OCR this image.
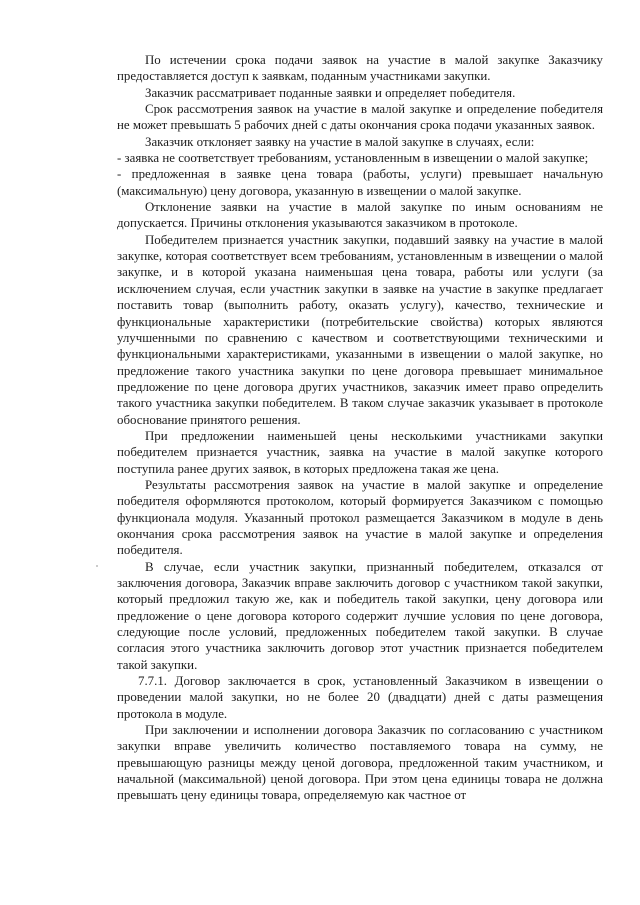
По истечении срока подачи заявок на участие в малой закупке Заказчику предоставляется доступ к заявкам, поданным участниками закупки.

Заказчик рассматривает поданные заявки и определяет победителя.

Срок рассмотрения заявок на участие в малой закупке и определение победителя не может превышать 5 рабочих дней с даты окончания срока подачи указанных заявок.

Заказчик отклоняет заявку на участие в малой закупке в случаях, если:

- заявка не соответствует требованиям, установленным в извещении о малой закупке;

- предложенная в заявке цена товара (работы, услуги) превышает начальную (максимальную) цену договора, указанную в извещении о малой закупке.

Отклонение заявки на участие в малой закупке по иным основаниям не допускается. Причины отклонения указываются заказчиком в протоколе.

Победителем признается участник закупки, подавший заявку на участие в малой закупке, которая соответствует всем требованиям, установленным в извещении о малой закупке, и в которой указана наименьшая цена товара, работы или услуги (за исключением случая, если участник закупки в заявке на участие в закупке предлагает поставить товар (выполнить работу, оказать услугу), качество, технические и функциональные характеристики (потребительские свойства) которых являются улучшенными по сравнению с качеством и соответствующими техническими и функциональными характеристиками, указанными в извещении о малой закупке, но предложение такого участника закупки по цене договора превышает минимальное предложение по цене договора других участников, заказчик имеет право определить такого участника закупки победителем. В таком случае заказчик указывает в протоколе обоснование принятого решения.

При предложении наименьшей цены несколькими участниками закупки победителем признается участник, заявка на участие в малой закупке которого поступила ранее других заявок, в которых предложена такая же цена.

Результаты рассмотрения заявок на участие в малой закупке и определение победителя оформляются протоколом, который формируется Заказчиком с помощью функционала модуля. Указанный протокол размещается Заказчиком в модуле в день окончания срока рассмотрения заявок на участие в малой закупке и определения победителя.

В случае, если участник закупки, признанный победителем, отказался от заключения договора, Заказчик вправе заключить договор с участником такой закупки, который предложил такую же, как и победитель такой закупки, цену договора или предложение о цене договора которого содержит лучшие условия по цене договора, следующие после условий, предложенных победителем такой закупки. В случае согласия этого участника заключить договор этот участник признается победителем такой закупки.

7.7.1. Договор заключается в срок, установленный Заказчиком в извещении о проведении малой закупки, но не более 20 (двадцати) дней с даты размещения протокола в модуле.

При заключении и исполнении договора Заказчик по согласованию с участником закупки вправе увеличить количество поставляемого товара на сумму, не превышающую разницы между ценой договора, предложенной таким участником, и начальной (максимальной) ценой договора. При этом цена единицы товара не должна превышать цену единицы товара, определяемую как частное от
